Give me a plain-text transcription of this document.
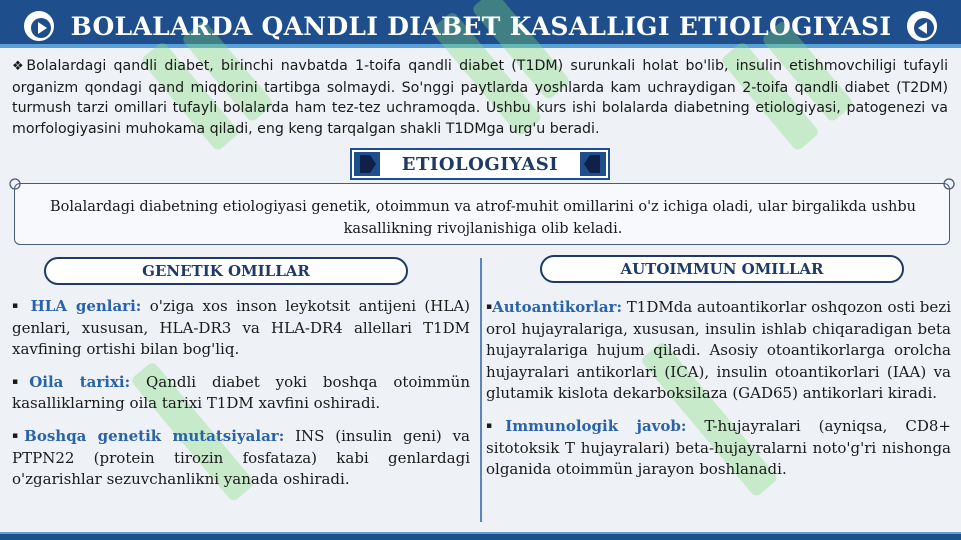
BOLALARDA QANDLI DIABET KASALLIGI ETIOLOGIYASI
❖Bolalardagi qandli diabet, birinchi navbatda 1-toifa qandli diabet (T1DM) surunkali holat bo'lib, insulin etishmovchiligi tufayli organizm qondagi qand miqdorini tartibga solmaydi. So'nggi paytlarda yoshlarda kam uchraydigan 2-toifa qandli diabet (T2DM) turmush tarzi omillari tufayli bolalarda ham tez-tez uchramoqda. Ushbu kurs ishi bolalarda diabetning etiologiyasi, patogenezi va morfologiyasini muhokama qiladi, eng keng tarqalgan shakli T1DMga urg'u beradi.
ETIOLOGIYASI
Bolalardagi diabetning etiologiyasi genetik, otoimmun va atrof-muhit omillarini o'z ichiga oladi, ular birgalikda ushbu kasallikning rivojlanishiga olib keladi.
GENETIK OMILLAR	AUTOIMMUN OMILLAR
▪ HLA genlari: o'ziga xos inson leykotsit antijeni (HLA) genlari, xususan, HLA-DR3 va HLA-DR4 allellari T1DM xavfining ortishi bilan bog'liq.
▪Oila tarixi: Qandli diabet yoki boshqa otoimmün kasalliklarning oila tarixi T1DM xavfini oshiradi.
▪Boshqa genetik mutatsiyalar: INS (insulin geni) va PTPN22 (protein tirozin fosfataza) kabi genlardagi o'zgarishlar sezuvchanlikni yanada oshiradi.
▪Autoantikorlar: T1DMda autoantikorlar oshqozon osti bezi orol hujayralariga, xususan, insulin ishlab chiqaradigan beta hujayralariga hujum qiladi. Asosiy otoantikorlarga orolcha hujayralari antikorlari (ICA), insulin otoantikorlari (IAA) va glutamik kislota dekarboksilaza (GAD65) antikorlari kiradi.
▪Immunologik javob: T-hujayralari (ayniqsa, CD8+ sitotoksik T hujayralari) beta-hujayralarni noto'g'ri nishonga olganida otoimmün jarayon boshlanadi.
